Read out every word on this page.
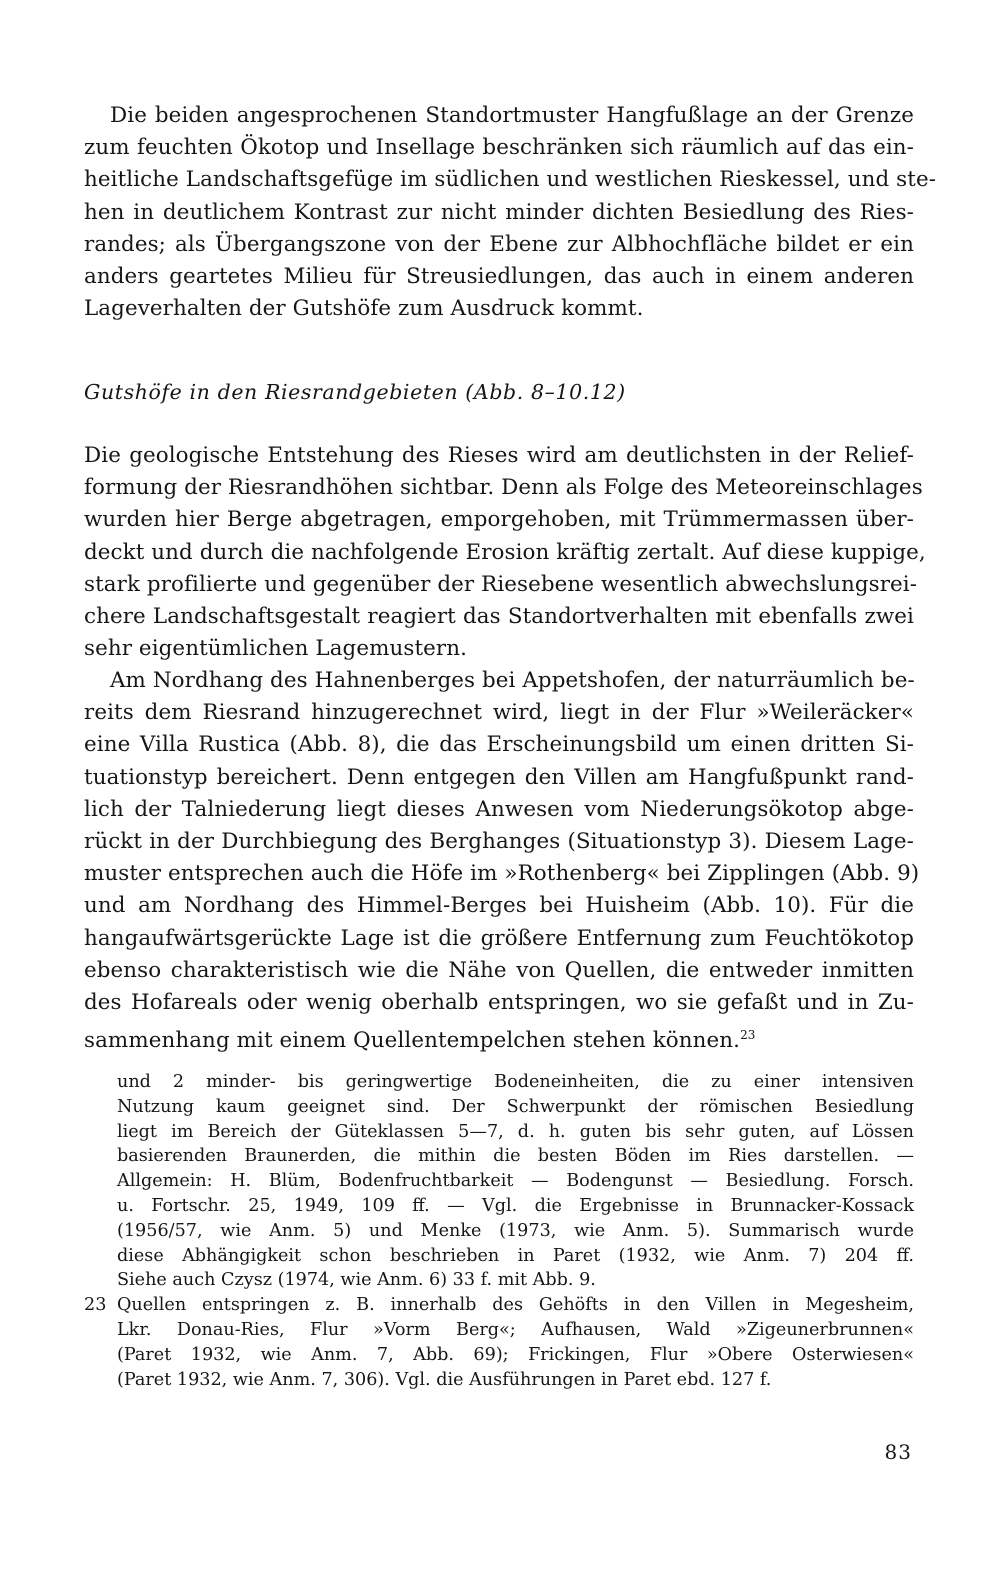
Die beiden angesprochenen Standortmuster Hangfußlage an der Grenze
zum feuchten Ökotop und Insellage beschränken sich räumlich auf das ein-
heitliche Landschaftsgefüge im südlichen und westlichen Rieskessel, und ste-
hen in deutlichem Kontrast zur nicht minder dichten Besiedlung des Ries-
randes; als Übergangszone von der Ebene zur Albhochfläche bildet er ein
anders geartetes Milieu für Streusiedlungen, das auch in einem anderen
Lageverhalten der Gutshöfe zum Ausdruck kommt.
Gutshöfe in den Riesrandgebieten (Abb. 8–10.12)
Die geologische Entstehung des Rieses wird am deutlichsten in der Relief-
formung der Riesrandhöhen sichtbar. Denn als Folge des Meteoreinschlages
wurden hier Berge abgetragen, emporgehoben, mit Trümmermassen über-
deckt und durch die nachfolgende Erosion kräftig zertalt. Auf diese kuppige,
stark profilierte und gegenüber der Riesebene wesentlich abwechslungsrei-
chere Landschaftsgestalt reagiert das Standortverhalten mit ebenfalls zwei
sehr eigentümlichen Lagemustern.
Am Nordhang des Hahnenberges bei Appetshofen, der naturräumlich be-
reits dem Riesrand hinzugerechnet wird, liegt in der Flur »Weileräcker«
eine Villa Rustica (Abb. 8), die das Erscheinungsbild um einen dritten Si-
tuationstyp bereichert. Denn entgegen den Villen am Hangfußpunkt rand-
lich der Talniederung liegt dieses Anwesen vom Niederungsökotop abge-
rückt in der Durchbiegung des Berghanges (Situationstyp 3). Diesem Lage-
muster entsprechen auch die Höfe im »Rothenberg« bei Zipplingen (Abb. 9)
und am Nordhang des Himmel-Berges bei Huisheim (Abb. 10). Für die
hangaufwärtsgerückte Lage ist die größere Entfernung zum Feuchtökotop
ebenso charakteristisch wie die Nähe von Quellen, die entweder inmitten
des Hofareals oder wenig oberhalb entspringen, wo sie gefaßt und in Zu-
sammenhang mit einem Quellentempelchen stehen können.$^{23}$
und 2 minder- bis geringwertige Bodeneinheiten, die zu einer intensiven
Nutzung kaum geeignet sind. Der Schwerpunkt der römischen Besiedlung
liegt im Bereich der Güteklassen 5—7, d. h. guten bis sehr guten, auf Lössen
basierenden Braunerden, die mithin die besten Böden im Ries darstellen. —
Allgemein: H. Blüm, Bodenfruchtbarkeit — Bodengunst — Besiedlung. Forsch.
u. Fortschr. 25, 1949, 109 ff. — Vgl. die Ergebnisse in Brunnacker-Kossack
(1956/57, wie Anm. 5) und Menke (1973, wie Anm. 5). Summarisch wurde
diese Abhängigkeit schon beschrieben in Paret (1932, wie Anm. 7) 204 ff.
Siehe auch Czysz (1974, wie Anm. 6) 33 f. mit Abb. 9.
23 Quellen entspringen z. B. innerhalb des Gehöfts in den Villen in Megesheim,
Lkr. Donau-Ries, Flur »Vorm Berg«; Aufhausen, Wald »Zigeunerbrunnen«
(Paret 1932, wie Anm. 7, Abb. 69); Frickingen, Flur »Obere Osterwiesen«
(Paret 1932, wie Anm. 7, 306). Vgl. die Ausführungen in Paret ebd. 127 f.
83
